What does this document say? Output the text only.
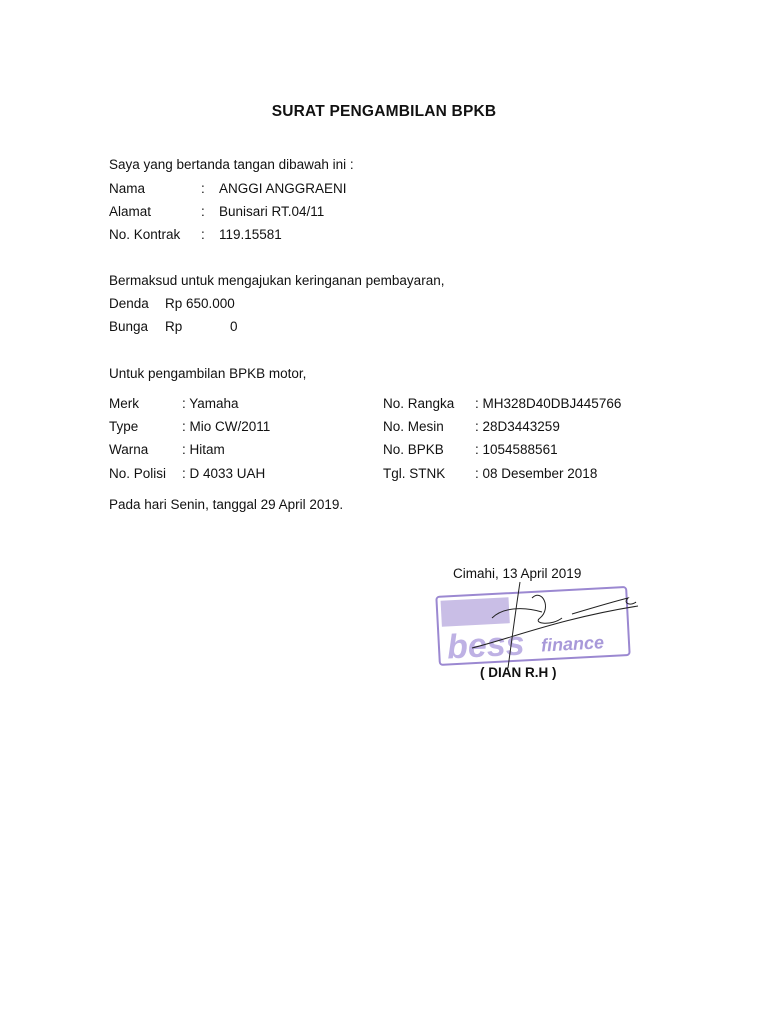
SURAT PENGAMBILAN BPKB
Saya yang bertanda tangan dibawah ini :
Nama	: ANGGI ANGGRAENI
Alamat	: Bunisari RT.04/11
No. Kontrak : 119.15581
Bermaksud untuk mengajukan keringanan pembayaran,
Denda Rp 650.000
Bunga Rp	0
Untuk pengambilan BPKB motor,
Merk	: Yamaha	No. Rangka : MH328D40DBJ445766
Type	: Mio CW/2011	No. Mesin : 28D3443259
Warna : Hitam	No. BPKB : 1054588561
No. Polisi : D 4033 UAH	Tgl. STNK : 08 Desember 2018
Pada hari Senin, tanggal 29 April 2019.
Cimahi, 13 April 2019
bess finance
( DIAN R.H )
